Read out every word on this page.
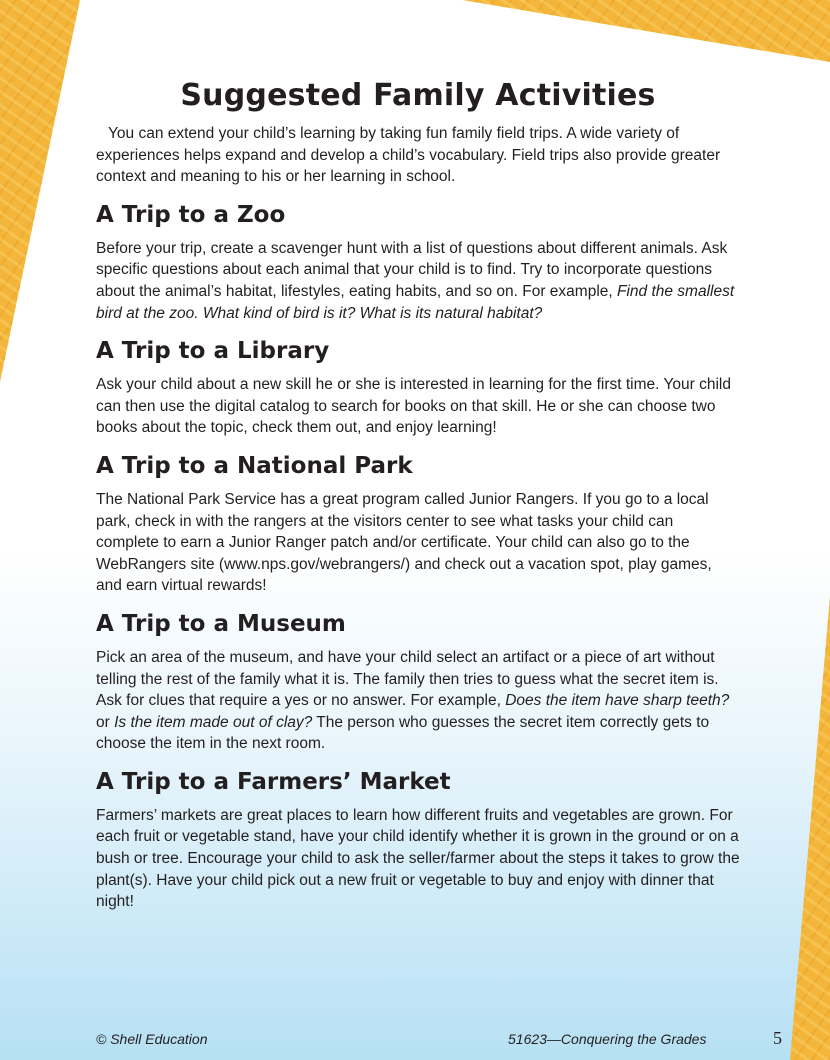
Suggested Family Activities

You can extend your child’s learning by taking fun family field trips. A wide variety of experiences helps expand and develop a child’s vocabulary. Field trips also provide greater context and meaning to his or her learning in school.

A Trip to a Zoo

Before your trip, create a scavenger hunt with a list of questions about different animals. Ask specific questions about each animal that your child is to find. Try to incorporate questions about the animal’s habitat, lifestyles, eating habits, and so on. For example, Find the smallest bird at the zoo. What kind of bird is it? What is its natural habitat?

A Trip to a Library

Ask your child about a new skill he or she is interested in learning for the first time. Your child can then use the digital catalog to search for books on that skill. He or she can choose two books about the topic, check them out, and enjoy learning!

A Trip to a National Park

The National Park Service has a great program called Junior Rangers. If you go to a local park, check in with the rangers at the visitors center to see what tasks your child can complete to earn a Junior Ranger patch and/or certificate. Your child can also go to the WebRangers site (www.nps.gov/webrangers/) and check out a vacation spot, play games, and earn virtual rewards!

A Trip to a Museum

Pick an area of the museum, and have your child select an artifact or a piece of art without telling the rest of the family what it is. The family then tries to guess what the secret item is. Ask for clues that require a yes or no answer. For example, Does the item have sharp teeth? or Is the item made out of clay? The person who guesses the secret item correctly gets to choose the item in the next room.

A Trip to a Farmers’ Market

Farmers’ markets are great places to learn how different fruits and vegetables are grown. For each fruit or vegetable stand, have your child identify whether it is grown in the ground or on a bush or tree. Encourage your child to ask the seller/farmer about the steps it takes to grow the plant(s). Have your child pick out a new fruit or vegetable to buy and enjoy with dinner that night!

© Shell Education	51623—Conquering the Grades	5
